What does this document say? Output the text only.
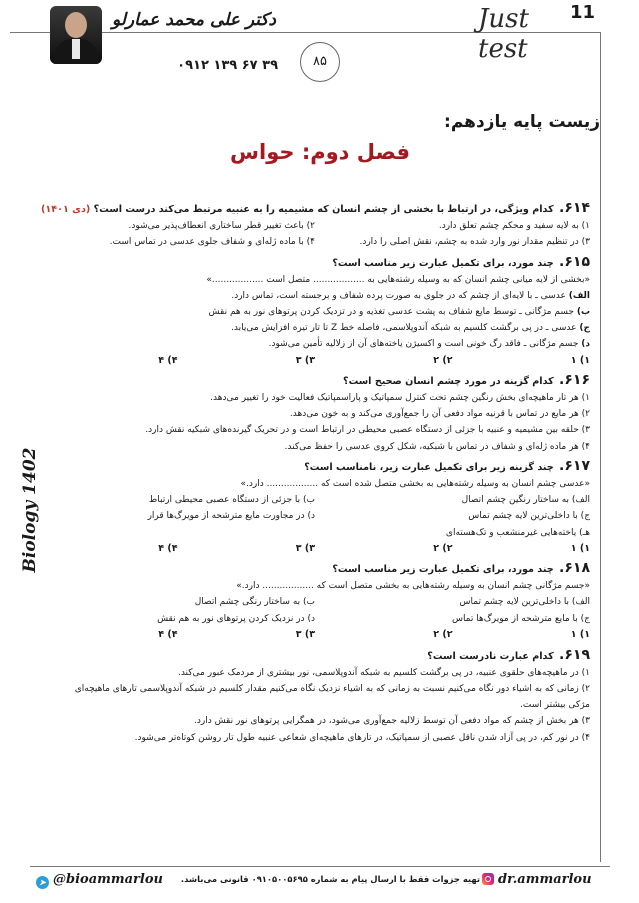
دکتر علی محمد عمارلو
۰۹۱۲ ۱۳۹ ۶۷ ۳۹	۸۵
Just test
11
Biology 1402
زیست پایه یازدهم:
فصل دوم: حواس
۶۱۴. کدام ویژگی، در ارتباط با بخشی از چشم انسان که مشیمیه را به عنبیه مرتبط می‌کند درست است؟ (دی ۱۴۰۱)
۱) به لایه سفید و محکم چشم تعلق دارد.
۲) باعث تغییر قطر ساختاری انعطاف‌پذیر می‌شود.
۳) در تنظیم مقدار نور وارد شده به چشم، نقش اصلی را دارد.
۴) با ماده ژله‌ای و شفاف جلوی عدسی در تماس است.
۶۱۵. چند مورد، برای تکمیل عبارت زیر مناسب است؟
«بخشی از لایه میانی چشم انسان که به وسیله رشته‌هایی به .................. متصل است ..................»
الف) عدسی ـ با لایه‌ای از چشم که در جلوی به صورت پرده شفاف و برجسته است، تماس دارد.
ب) جسم مژگانی ـ توسط مایع شفاف به پشت عدسی تغذیه و در تزدیک کردن پرتوهای نور به هم نقش
ج) عدسی ـ در پی برگشت کلسیم به شبکه آندوپلاسمی، فاصله خط Z تا تار تیره افزایش می‌یابد.
د) جسم مژگانی ـ فاقد رگ خونی است و اکسیژن یاخته‌های آن از زلالیه تأمین می‌شود.
۱) ۱
۲) ۲
۳) ۳
۴) ۴
۶۱۶. کدام گزینه در مورد چشم انسان صحیح است؟
۱) هر تار ماهیچه‌ای بخش رنگین چشم تحت کنترل سمپاتیک و پاراسمپاتیک فعالیت خود را تغییر می‌دهد.
۲) هر مایع در تماس با قرنیه مواد دفعی آن را جمع‌آوری می‌کند و به خون می‌دهد.
۳) حلقه بین مشیمیه و عنبیه با جزئی از دستگاه عصبی محیطی در ارتباط است و در تحریک گیرنده‌های شبکیه نقش دارد.
۴) هر ماده ژله‌ای و شفاف در تماس با شبکیه، شکل کروی عدسی را حفظ می‌کند.
۶۱۷. چند گزینه زیر برای تکمیل عبارت زیر، نامناسب است؟
«عدسی چشم انسان به وسیله رشته‌هایی به بخشی متصل شده است که .................. دارد.»
الف) به ساختار رنگین چشم اتصال
ب) با جزئی از دستگاه عصبی محیطی ارتباط
ج) با داخلی‌ترین لایه چشم تماس
د) در مجاورت مایع مترشحه از مویرگ‌ها قرار
هـ) یاخته‌هایی غیرمنشعب و تک‌هسته‌ای
۱) ۱
۲) ۲
۳) ۳
۴) ۴
۶۱۸. چند مورد، برای تکمیل عبارت زیر مناسب است؟
«جسم مژگانی چشم انسان به وسیله رشته‌هایی به بخشی متصل است که .................. دارد.»
الف) با داخلی‌ترین لایه چشم تماس
ب) به ساختار رنگی چشم اتصال
ج) با مایع مترشحه از مویرگ‌ها تماس
د) در نزدیک کردن پرتوهای نور به هم نقش
۱) ۱
۲) ۲
۳) ۳
۴) ۴
۶۱۹. کدام عبارت نادرست است؟
۱) در ماهیچه‌های حلقوی عنبیه، در پی برگشت کلسیم به شبکه آندوپلاسمی، نور بیشتری از مردمک عبور می‌کند.
۲) زمانی که به اشیاء دور نگاه می‌کنیم نسبت به زمانی که به اشیاء نزدیک نگاه می‌کنیم مقدار کلسیم در شبکه آندوپلاسمی تارهای ماهیچه‌ای
مژکی بیشتر است.
۳) هر بخش از چشم که مواد دفعی آن توسط زلالیه جمع‌آوری می‌شود، در همگرایی پرتوهای نور نقش دارد.
۴) در نور کم، در پی آزاد شدن ناقل عصبی از سمپاتیک، در تارهای ماهیچه‌ای شعاعی عنبیه طول تار روشن کوتاه‌تر می‌شود.
dr.ammarlou
تهیه جزوات فقط با ارسال پیام به شماره ۰۹۱۰۵۰۰۵۶۹۵ قانونی می‌باشد.
➤ @bioammarlou
